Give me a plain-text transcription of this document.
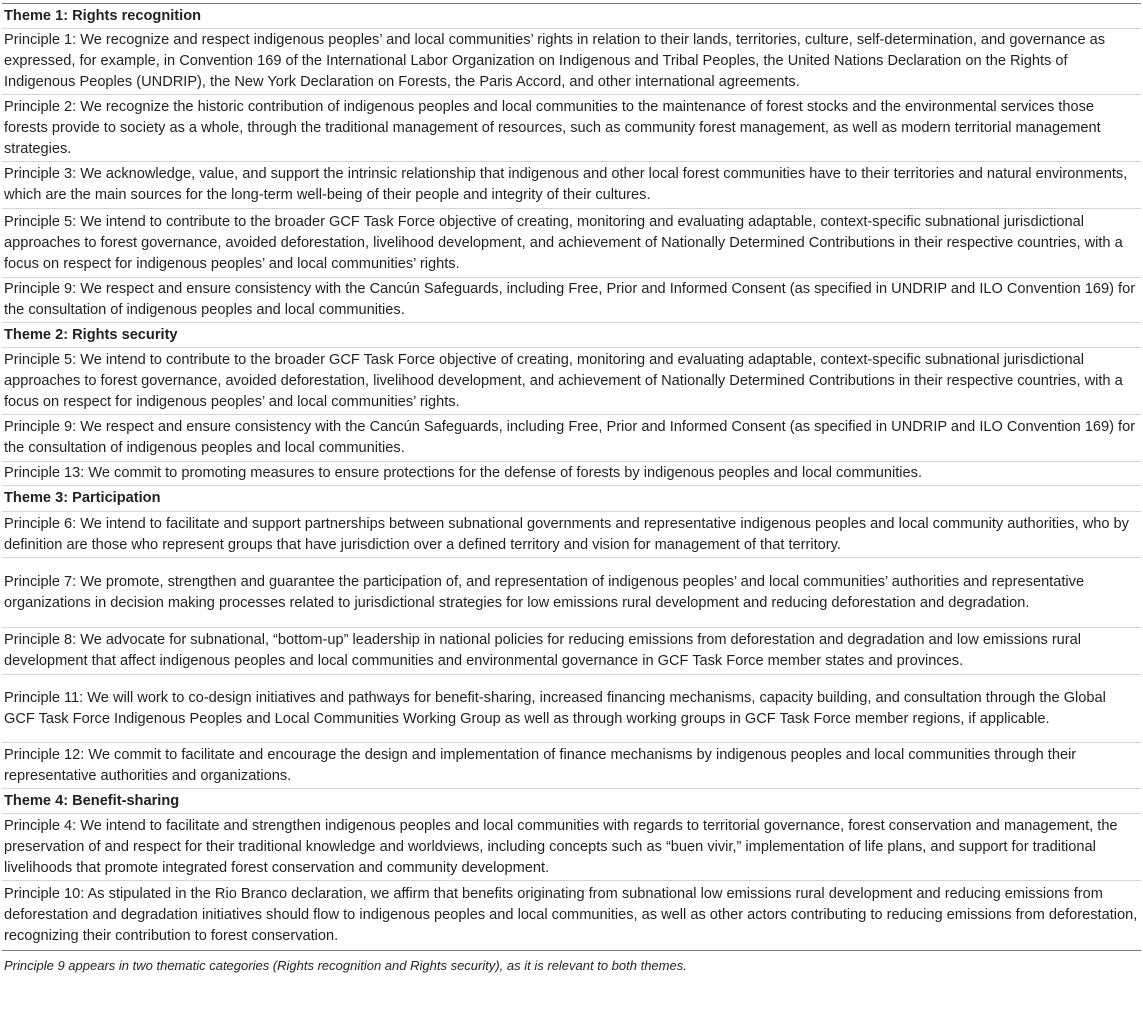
Theme 1: Rights recognition
Principle 1: We recognize and respect indigenous peoples’ and local communities’ rights in relation to their lands, territories, culture, self-determination, and governance as expressed, for example, in Convention 169 of the International Labor Organization on Indigenous and Tribal Peoples, the United Nations Declaration on the Rights of Indigenous Peoples (UNDRIP), the New York Declaration on Forests, the Paris Accord, and other international agreements.
Principle 2: We recognize the historic contribution of indigenous peoples and local communities to the maintenance of forest stocks and the environmental services those forests provide to society as a whole, through the traditional management of resources, such as community forest management, as well as modern territorial management strategies.
Principle 3: We acknowledge, value, and support the intrinsic relationship that indigenous and other local forest communities have to their territories and natural environments, which are the main sources for the long-term well-being of their people and integrity of their cultures.
Principle 5: We intend to contribute to the broader GCF Task Force objective of creating, monitoring and evaluating adaptable, context-specific subnational jurisdictional approaches to forest governance, avoided deforestation, livelihood development, and achievement of Nationally Determined Contributions in their respective countries, with a focus on respect for indigenous peoples’ and local communities’ rights.
Principle 9: We respect and ensure consistency with the Cancún Safeguards, including Free, Prior and Informed Consent (as specified in UNDRIP and ILO Convention 169) for the consultation of indigenous peoples and local communities.
Theme 2: Rights security
Principle 5: We intend to contribute to the broader GCF Task Force objective of creating, monitoring and evaluating adaptable, context-specific subnational jurisdictional approaches to forest governance, avoided deforestation, livelihood development, and achievement of Nationally Determined Contributions in their respective countries, with a focus on respect for indigenous peoples’ and local communities’ rights.
Principle 9: We respect and ensure consistency with the Cancún Safeguards, including Free, Prior and Informed Consent (as specified in UNDRIP and ILO Convention 169) for the consultation of indigenous peoples and local communities.
Principle 13: We commit to promoting measures to ensure protections for the defense of forests by indigenous peoples and local communities.
Theme 3: Participation
Principle 6: We intend to facilitate and support partnerships between subnational governments and representative indigenous peoples and local community authorities, who by definition are those who represent groups that have jurisdiction over a defined territory and vision for management of that territory.
Principle 7: We promote, strengthen and guarantee the participation of, and representation of indigenous peoples’ and local communities’ authorities and representative organizations in decision making processes related to jurisdictional strategies for low emissions rural development and reducing deforestation and degradation.
Principle 8: We advocate for subnational, “bottom-up” leadership in national policies for reducing emissions from deforestation and degradation and low emissions rural development that affect indigenous peoples and local communities and environmental governance in GCF Task Force member states and provinces.
Principle 11: We will work to co-design initiatives and pathways for benefit-sharing, increased financing mechanisms, capacity building, and consultation through the Global GCF Task Force Indigenous Peoples and Local Communities Working Group as well as through working groups in GCF Task Force member regions, if applicable.
Principle 12: We commit to facilitate and encourage the design and implementation of finance mechanisms by indigenous peoples and local communities through their representative authorities and organizations.
Theme 4: Benefit-sharing
Principle 4: We intend to facilitate and strengthen indigenous peoples and local communities with regards to territorial governance, forest conservation and management, the preservation of and respect for their traditional knowledge and worldviews, including concepts such as “buen vivir,” implementation of life plans, and support for traditional livelihoods that promote integrated forest conservation and community development.
Principle 10: As stipulated in the Rio Branco declaration, we affirm that benefits originating from subnational low emissions rural development and reducing emissions from deforestation and degradation initiatives should flow to indigenous peoples and local communities, as well as other actors contributing to reducing emissions from deforestation, recognizing their contribution to forest conservation.
Principle 9 appears in two thematic categories (Rights recognition and Rights security), as it is relevant to both themes.
